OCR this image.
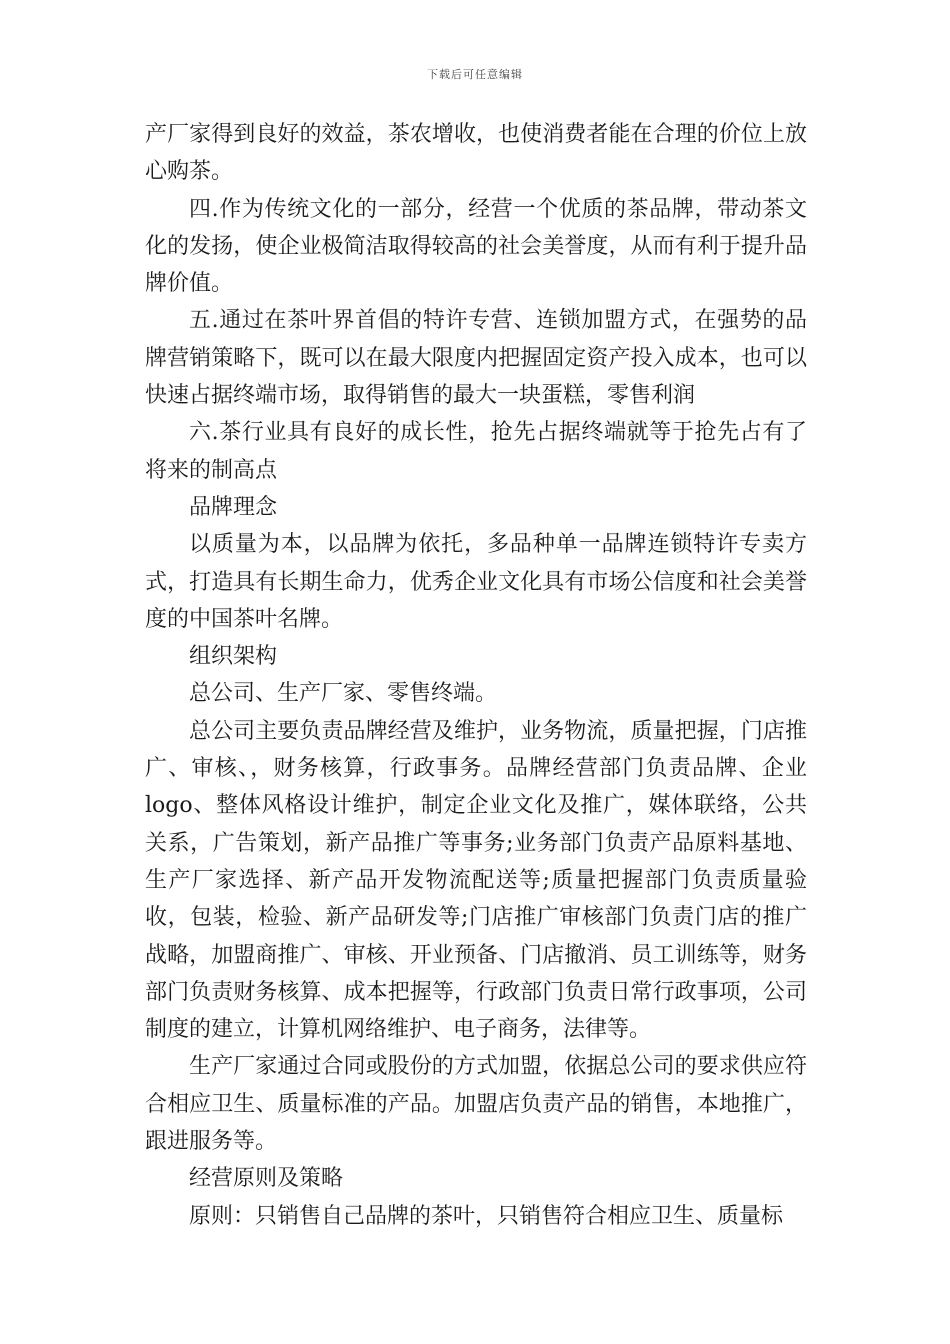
下载后可任意编辑

产厂家得到良好的效益，茶农增收，也使消费者能在合理的价位上放心购茶。

四.作为传统文化的一部分，经营一个优质的茶品牌，带动茶文化的发扬，使企业极简洁取得较高的社会美誉度，从而有利于提升品牌价值。

五.通过在茶叶界首倡的特许专营、连锁加盟方式，在强势的品牌营销策略下，既可以在最大限度内把握固定资产投入成本，也可以快速占据终端市场，取得销售的最大一块蛋糕，零售利润

六.茶行业具有良好的成长性，抢先占据终端就等于抢先占有了将来的制高点

品牌理念

以质量为本，以品牌为依托，多品种单一品牌连锁特许专卖方式，打造具有长期生命力，优秀企业文化具有市场公信度和社会美誉度的中国茶叶名牌。

组织架构

总公司、生产厂家、零售终端。

总公司主要负责品牌经营及维护，业务物流，质量把握，门店推广、审核、，财务核算，行政事务。品牌经营部门负责品牌、企业logo、整体风格设计维护，制定企业文化及推广，媒体联络，公共关系，广告策划，新产品推广等事务;业务部门负责产品原料基地、生产厂家选择、新产品开发物流配送等;质量把握部门负责质量验收，包装，检验、新产品研发等;门店推广审核部门负责门店的推广战略，加盟商推广、审核、开业预备、门店撤消、员工训练等，财务部门负责财务核算、成本把握等，行政部门负责日常行政事项，公司制度的建立，计算机网络维护、电子商务，法律等。

生产厂家通过合同或股份的方式加盟，依据总公司的要求供应符合相应卫生、质量标准的产品。加盟店负责产品的销售，本地推广，跟进服务等。

经营原则及策略

原则：只销售自己品牌的茶叶，只销售符合相应卫生、质量标
